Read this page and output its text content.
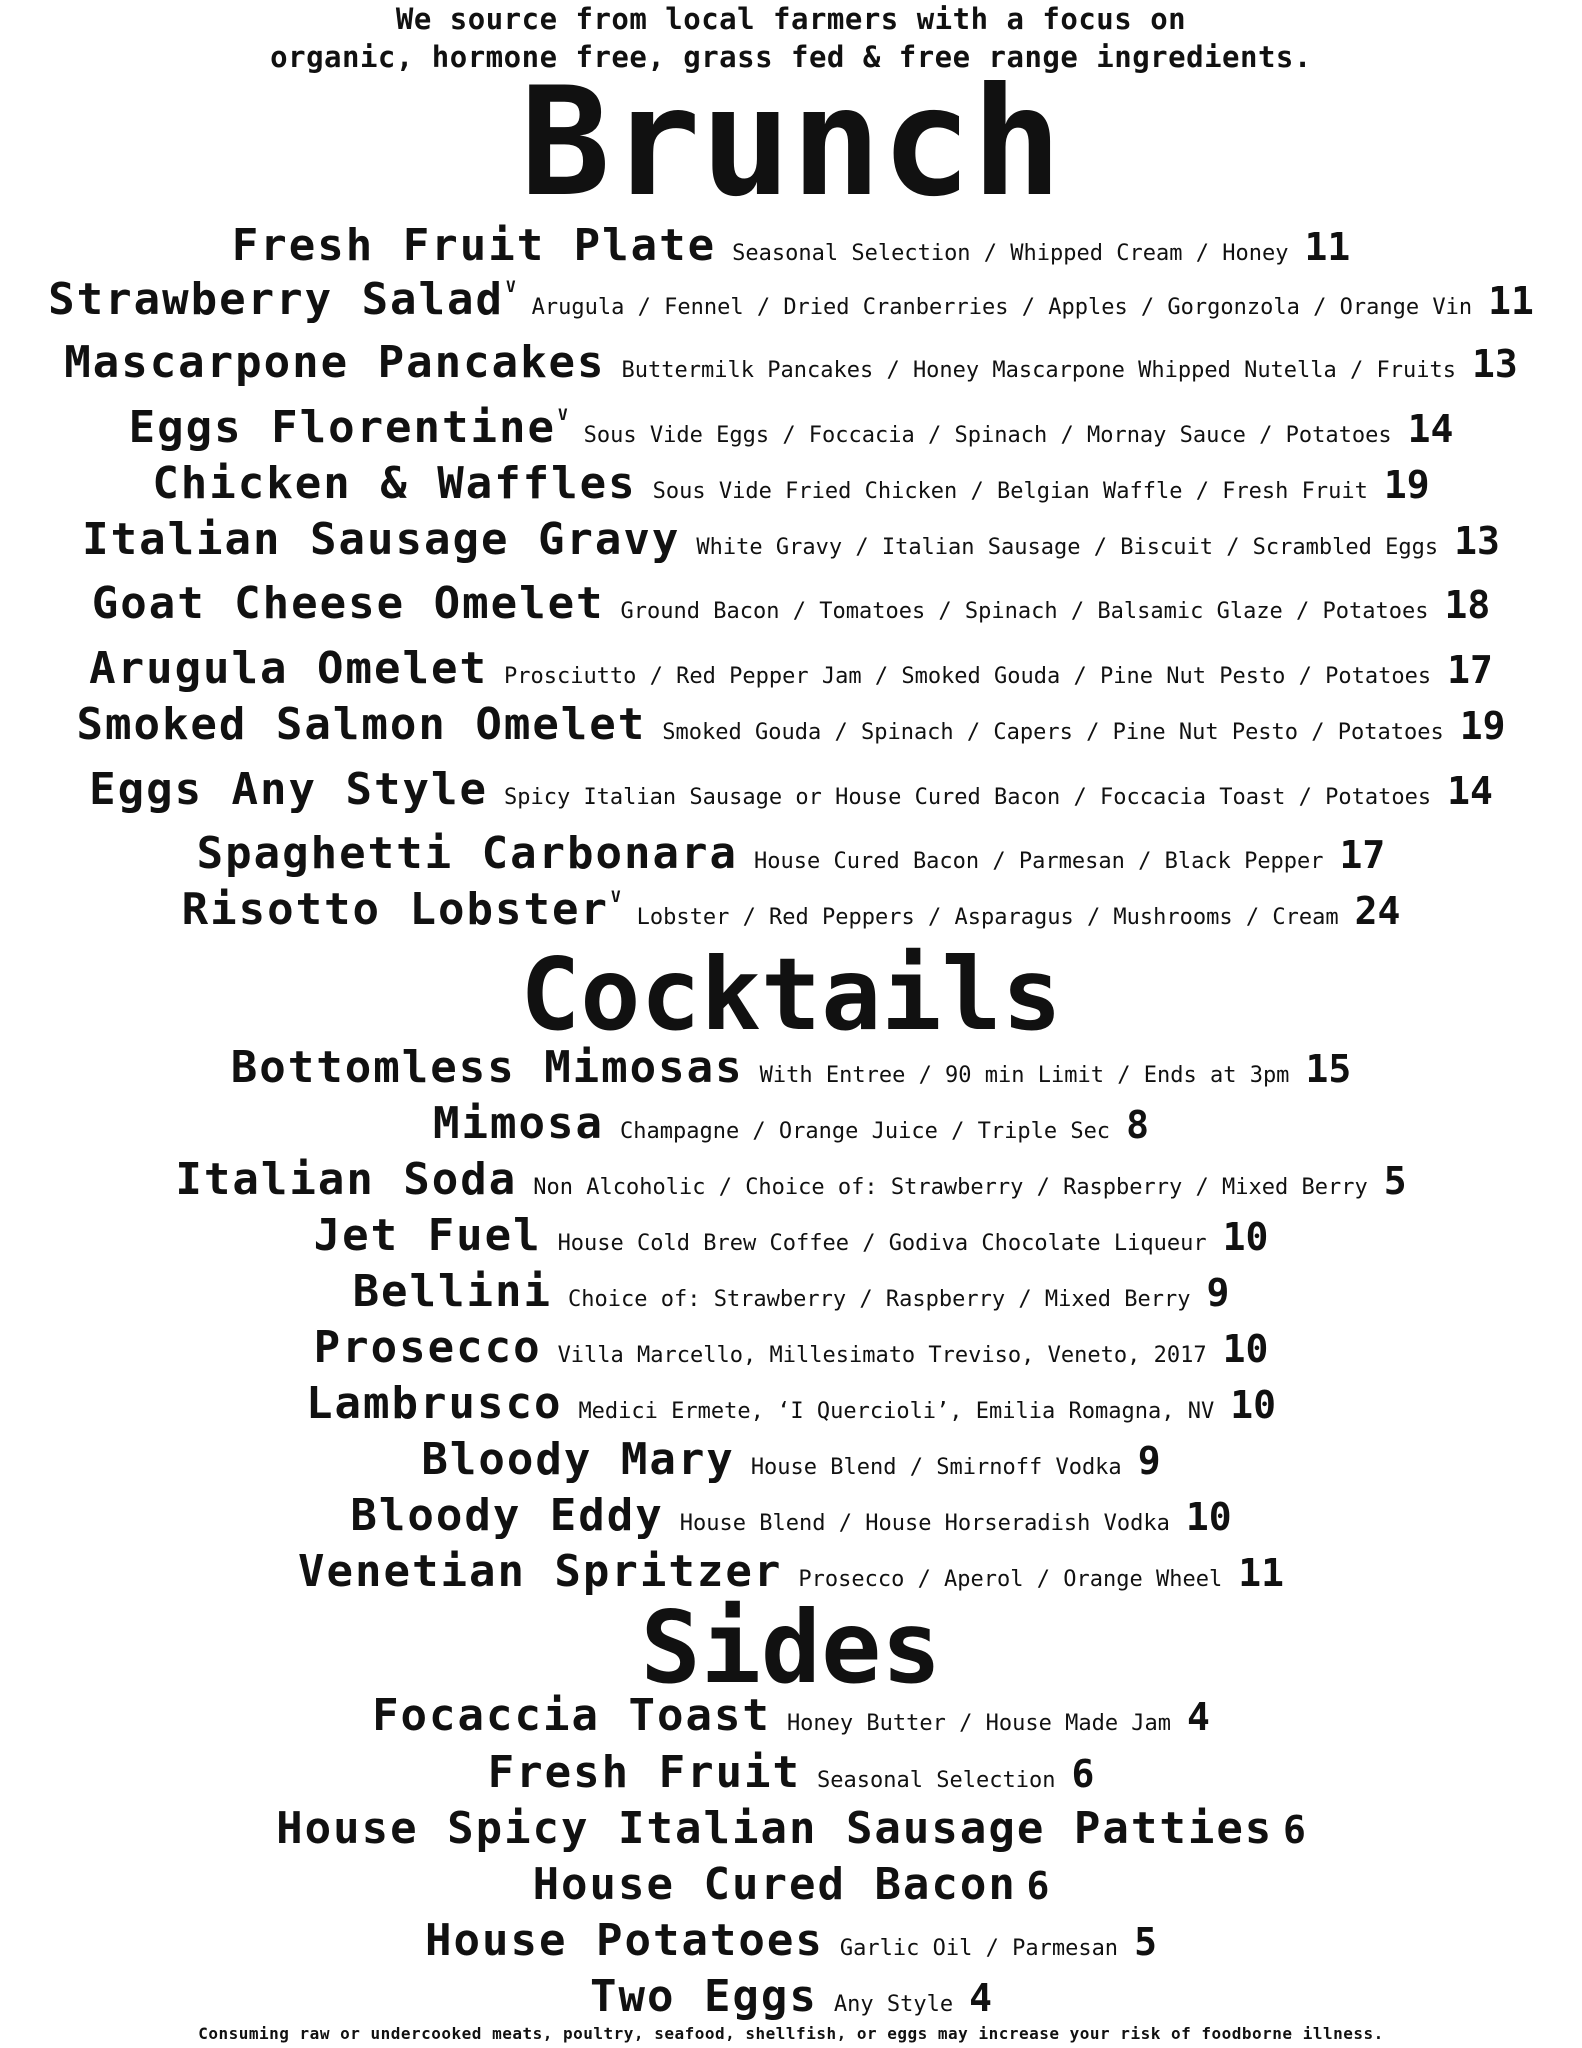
We source from local farmers with a focus on
organic, hormone free, grass fed & free range ingredients.
Brunch
Fresh Fruit Plate Seasonal Selection / Whipped Cream / Honey 11
Strawberry Salad VArugula / Fennel / Dried Cranberries / Apples / Gorgonzola / Orange Vin 11
Mascarpone Pancakes Buttermilk Pancakes / Honey Mascarpone Whipped Nutella / Fruits 13
Eggs Florentine VSous Vide Eggs / Foccacia / Spinach / Mornay Sauce / Potatoes 14
Chicken & Waffles Sous Vide Fried Chicken / Belgian Waffle / Fresh Fruit 19
Italian Sausage Gravy White Gravy / Italian Sausage / Biscuit / Scrambled Eggs 13
Goat Cheese Omelet Ground Bacon / Tomatoes / Spinach / Balsamic Glaze / Potatoes 18
Arugula Omelet Prosciutto / Red Pepper Jam / Smoked Gouda / Pine Nut Pesto / Potatoes 17
Smoked Salmon Omelet Smoked Gouda / Spinach / Capers / Pine Nut Pesto / Potatoes 19
Eggs Any Style Spicy Italian Sausage or House Cured Bacon / Foccacia Toast / Potatoes 14
Spaghetti Carbonara House Cured Bacon / Parmesan / Black Pepper 17
Risotto Lobster VLobster / Red Peppers / Asparagus / Mushrooms / Cream 24
Cocktails
Bottomless Mimosas With Entree / 90 min Limit / Ends at 3pm 15
Mimosa Champagne / Orange Juice / Triple Sec 8
Italian Soda Non Alcoholic / Choice of: Strawberry / Raspberry / Mixed Berry 5
Jet Fuel House Cold Brew Coffee / Godiva Chocolate Liqueur 10
Bellini Choice of: Strawberry / Raspberry / Mixed Berry 9
Prosecco Villa Marcello, Millesimato Treviso, Veneto, 2017 10
Lambrusco Medici Ermete, ‘I Quercioli’, Emilia Romagna, NV 10
Bloody Mary House Blend / Smirnoff Vodka 9
Bloody Eddy House Blend / House Horseradish Vodka 10
Venetian Spritzer Prosecco / Aperol / Orange Wheel 11
Sides
Focaccia Toast Honey Butter / House Made Jam 4
Fresh Fruit Seasonal Selection 6
House Spicy Italian Sausage Patties 6
House Cured Bacon 6
House Potatoes Garlic Oil / Parmesan 5
Two Eggs Any Style 4
Consuming raw or undercooked meats, poultry, seafood, shellfish, or eggs may increase your risk of foodborne illness.
